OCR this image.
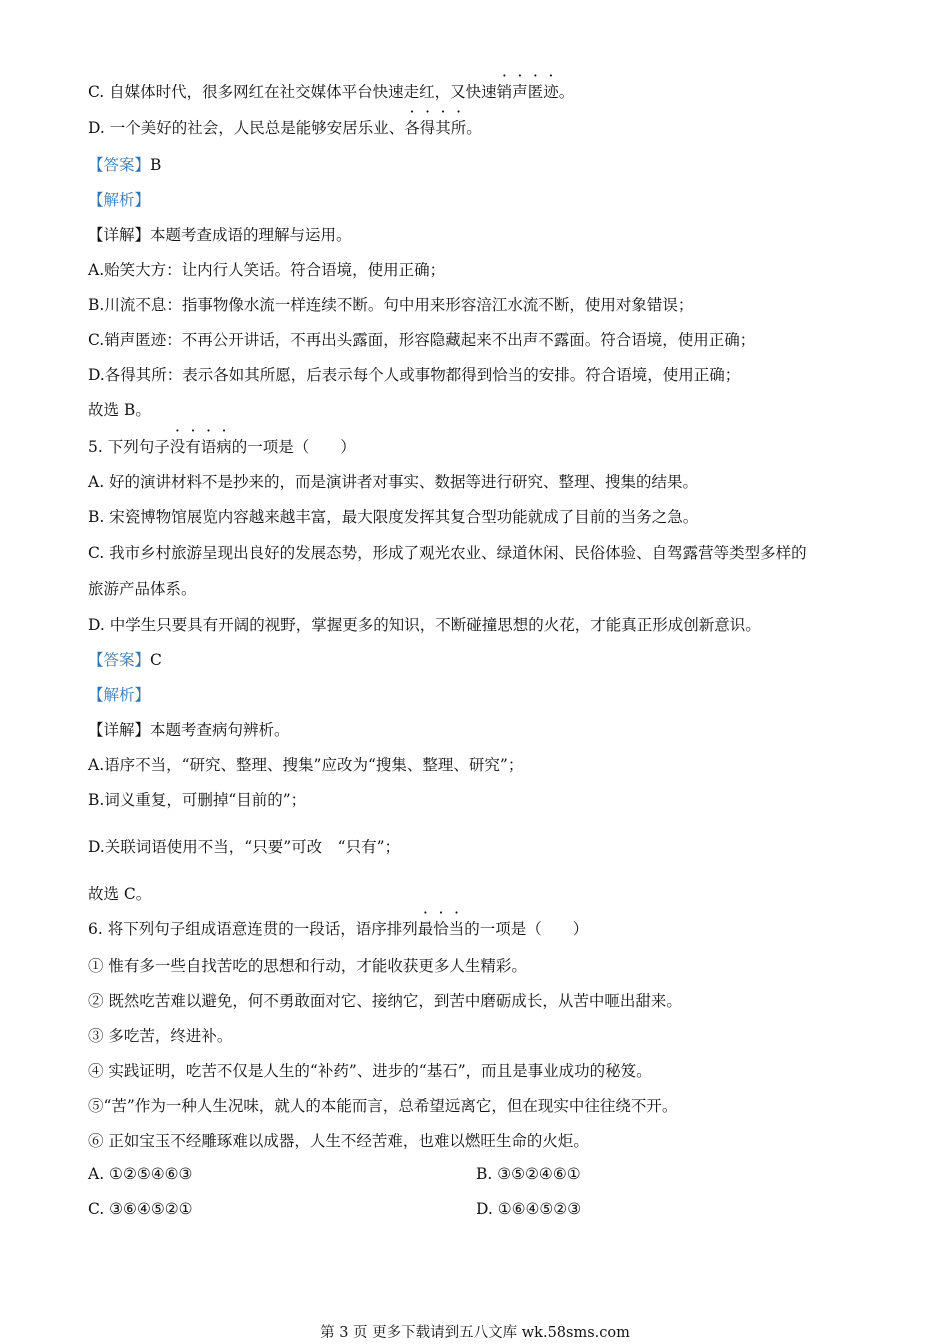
C. 自媒体时代，很多网红在社交媒体平台快速走红，又快速销声匿迹。
D. 一个美好的社会，人民总是能够安居乐业、各得其所。
【答案】B
【解析】
【详解】本题考查成语的理解与运用。
A.贻笑大方：让内行人笑话。符合语境，使用正确；
B.川流不息：指事物像水流一样连续不断。句中用来形容涪江水流不断，使用对象错误；
C.销声匿迹：不再公开讲话，不再出头露面，形容隐藏起来不出声不露面。符合语境，使用正确；
D.各得其所：表示各如其所愿，后表示每个人或事物都得到恰当的安排。符合语境，使用正确；
故选 B。
5. 下列句子没有语病的一项是（　　）
A. 好的演讲材料不是抄来的，而是演讲者对事实、数据等进行研究、整理、搜集的结果。
B. 宋瓷博物馆展览内容越来越丰富，最大限度发挥其复合型功能就成了目前的当务之急。
C. 我市乡村旅游呈现出良好的发展态势，形成了观光农业、绿道休闲、民俗体验、自驾露营等类型多样的
旅游产品体系。
D. 中学生只要具有开阔的视野，掌握更多的知识，不断碰撞思想的火花，才能真正形成创新意识。
【答案】C
【解析】
【详解】本题考查病句辨析。
A.语序不当，“研究、整理、搜集”应改为“搜集、整理、研究”；
B.词义重复，可删掉“目前的”；
D.关联词语使用不当，“只要”可改　“只有”；
故选 C。
6. 将下列句子组成语意连贯的一段话，语序排列最恰当的一项是（　　）
① 惟有多一些自找苦吃的思想和行动，才能收获更多人生精彩。
② 既然吃苦难以避免，何不勇敢面对它、接纳它，到苦中磨砺成长，从苦中咂出甜来。
③ 多吃苦，终进补。
④ 实践证明，吃苦不仅是人生的“补药”、进步的“基石”，而且是事业成功的秘笈。
⑤“苦”作为一种人生况味，就人的本能而言，总希望远离它，但在现实中往往绕不开。
⑥ 正如宝玉不经雕琢难以成器，人生不经苦难，也难以燃旺生命的火炬。
A. ①②⑤④⑥③	B. ③⑤②④⑥①
C. ③⑥④⑤②①	D. ①⑥④⑤②③
第 3 页 更多下载请到五八文库 wk.58sms.com
